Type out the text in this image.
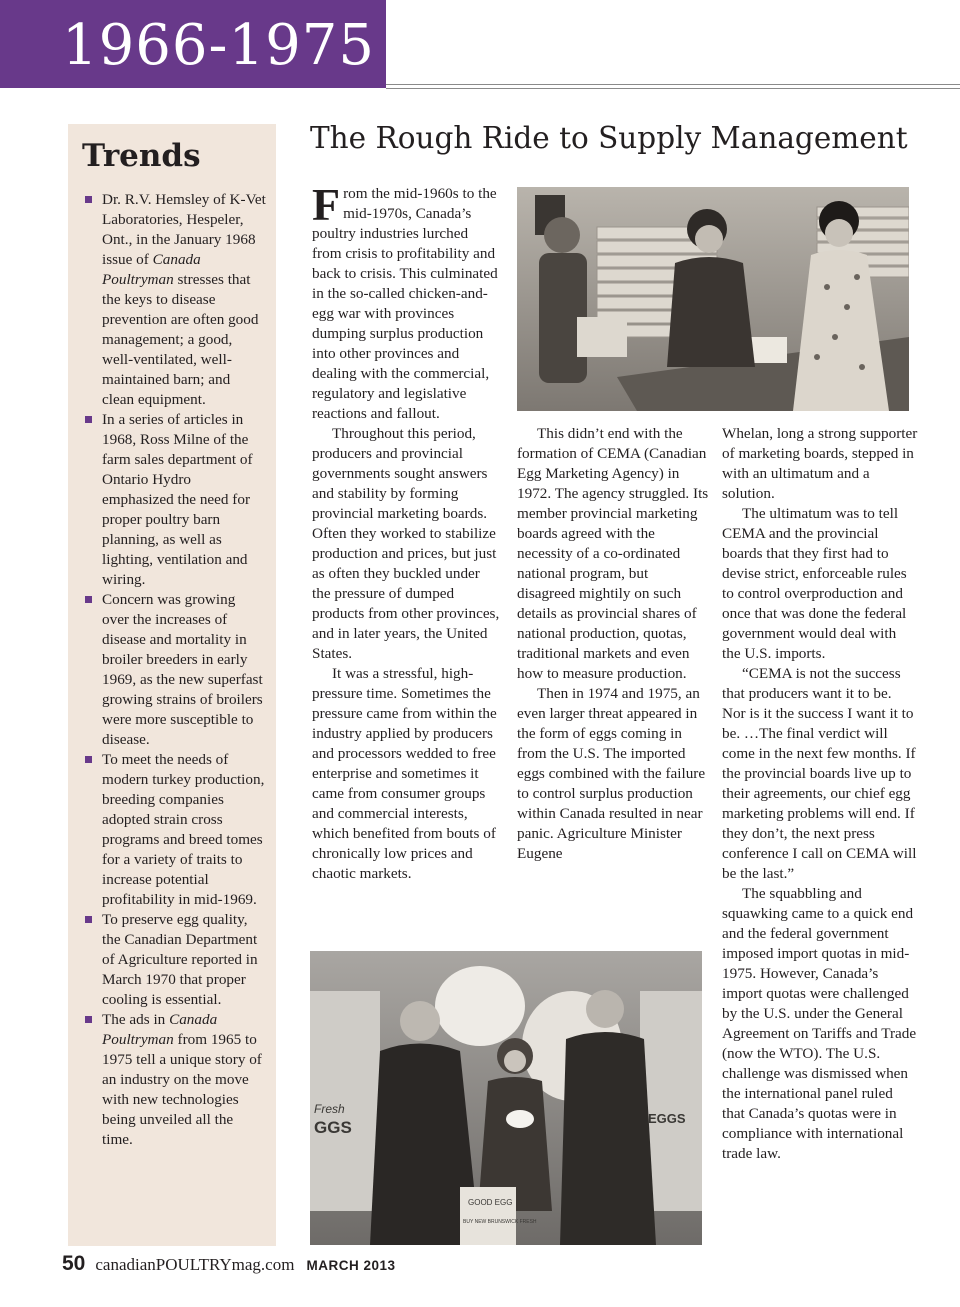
1966-1975
Trends
Dr. R.V. Hemsley of K-Vet Laboratories, Hespeler, Ont., in the January 1968 issue of Canada Poultryman stresses that the keys to disease prevention are often good management; a good, well-ventilated, well-maintained barn; and clean equipment.
In a series of articles in 1968, Ross Milne of the farm sales department of Ontario Hydro emphasized the need for proper poultry barn planning, as well as lighting, ventilation and wiring.
Concern was growing over the increases of disease and mortality in broiler breeders in early 1969, as the new superfast growing strains of broilers were more susceptible to disease.
To meet the needs of modern turkey production, breeding companies adopted strain cross programs and breed tomes for a variety of traits to increase potential profitability in mid-1969.
To preserve egg quality, the Canadian Department of Agriculture reported in March 1970 that proper cooling is essential.
The ads in Canada Poultryman from 1965 to 1975 tell a unique story of an industry on the move with new technologies being unveiled all the time.
The Rough Ride to Supply Management

From the mid-1960s to the mid-1970s, Canada’s poultry industries lurched from crisis to profitability and back to crisis. This culminated in the so-called chicken-and-egg war with provinces dumping surplus production into other provinces and dealing with the commercial, regulatory and legislative reactions and fallout.

Throughout this period, producers and provincial governments sought answers and stability by forming provincial marketing boards. Often they worked to stabilize production and prices, but just as often they buckled under the pressure of dumped products from other provinces, and in later years, the United States.

It was a stressful, high-pressure time. Sometimes the pressure came from within the industry applied by producers and processors wedded to free enterprise and sometimes it came from consumer groups and commercial interests, which benefited from bouts of chronically low prices and chaotic markets.

This didn’t end with the formation of CEMA (Canadian Egg Marketing Agency) in 1972. The agency struggled. Its member provincial marketing boards agreed with the necessity of a co-ordinated national program, but disagreed mightily on such details as provincial shares of national production, quotas, traditional markets and even how to measure production.

Then in 1974 and 1975, an even larger threat appeared in the form of eggs coming in from the U.S. The imported eggs combined with the failure to control surplus production within Canada resulted in near panic. Agriculture Minister Eugene

Whelan, long a strong supporter of marketing boards, stepped in with an ultimatum and a solution.

The ultimatum was to tell CEMA and the provincial boards that they first had to devise strict, enforceable rules to control overproduction and once that was done the federal government would deal with the U.S. imports.

“CEMA is not the success that producers want it to be. Nor is it the success I want it to be. …The final verdict will come in the next few months. If the provincial boards live up to their agreements, our chief egg marketing problems will end. If they don’t, the next press conference I call on CEMA will be the last.”

The squabbling and squawking came to a quick end and the federal government imposed import quotas in mid-1975. However, Canada’s import quotas were challenged by the U.S. under the General Agreement on Tariffs and Trade (now the WTO). The U.S. challenge was dismissed when the international panel ruled that Canada’s quotas were in compliance with international trade law.

Fresh
GGS	EGGS
GOOD EGG
BUY NEW BRUNSWICK FRESH
50 canadianPOULTRYmag.com MARCH 2013
